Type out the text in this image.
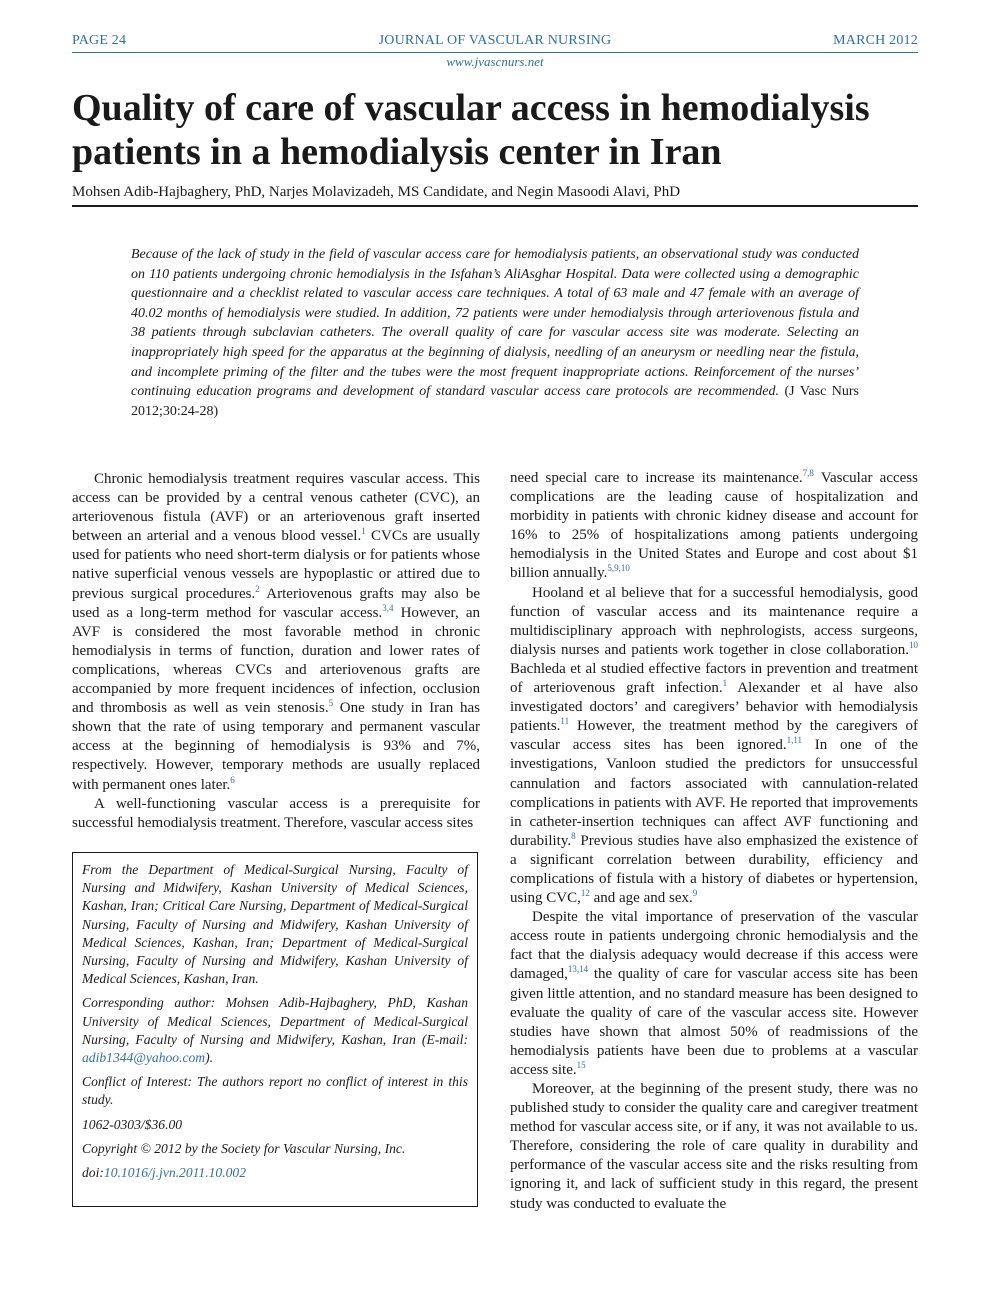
PAGE 24	JOURNAL OF VASCULAR NURSING	MARCH 2012
www.jvascnurs.net
Quality of care of vascular access in hemodialysis patients in a hemodialysis center in Iran
Mohsen Adib-Hajbaghery, PhD, Narjes Molavizadeh, MS Candidate, and Negin Masoodi Alavi, PhD

Because of the lack of study in the field of vascular access care for hemodialysis patients, an observational study was conducted on 110 patients undergoing chronic hemodialysis in the Isfahan’s AliAsghar Hospital. Data were collected using a demographic questionnaire and a checklist related to vascular access care techniques. A total of 63 male and 47 female with an average of 40.02 months of hemodialysis were studied. In addition, 72 patients were under hemodialysis through arteriovenous fistula and 38 patients through subclavian catheters. The overall quality of care for vascular access site was moderate. Selecting an inappropriately high speed for the apparatus at the beginning of dialysis, needling of an aneurysm or needling near the fistula, and incomplete priming of the filter and the tubes were the most frequent inappropriate actions. Reinforcement of the nurses’ continuing education programs and development of standard vascular access care protocols are recommended. (J Vasc Nurs 2012;30:24-28)

Chronic hemodialysis treatment requires vascular access. This access can be provided by a central venous catheter (CVC), an arteriovenous fistula (AVF) or an arteriovenous graft inserted between an arterial and a venous blood vessel.$^1$ CVCs are usually used for patients who need short-term dialysis or for patients whose native superficial venous vessels are hypoplastic or attired due to previous surgical procedures.$^2$ Arteriovenous grafts may also be used as a long-term method for vascular access.$^{3,4}$ However, an AVF is considered the most favorable method in chronic hemodialysis in terms of function, duration and lower rates of complications, whereas CVCs and arteriovenous grafts are accompanied by more frequent incidences of infection, occlusion and thrombosis as well as vein stenosis.$^5$ One study in Iran has shown that the rate of using temporary and permanent vascular access at the beginning of hemodialysis is 93% and 7%, respectively. However, temporary methods are usually replaced with permanent ones later.$^6$

A well-functioning vascular access is a prerequisite for successful hemodialysis treatment. Therefore, vascular access sites

From the Department of Medical-Surgical Nursing, Faculty of Nursing and Midwifery, Kashan University of Medical Sciences, Kashan, Iran; Critical Care Nursing, Department of Medical-Surgical Nursing, Faculty of Nursing and Midwifery, Kashan University of Medical Sciences, Kashan, Iran; Department of Medical-Surgical Nursing, Faculty of Nursing and Midwifery, Kashan University of Medical Sciences, Kashan, Iran.

Corresponding author: Mohsen Adib-Hajbaghery, PhD, Kashan University of Medical Sciences, Department of Medical-Surgical Nursing, Faculty of Nursing and Midwifery, Kashan, Iran (E-mail: adib1344@yahoo.com).

Conflict of Interest: The authors report no conflict of interest in this study.

1062-0303/$36.00

Copyright © 2012 by the Society for Vascular Nursing, Inc.

doi:10.1016/j.jvn.2011.10.002

need special care to increase its maintenance.$^{7,8}$ Vascular access complications are the leading cause of hospitalization and morbidity in patients with chronic kidney disease and account for 16% to 25% of hospitalizations among patients undergoing hemodialysis in the United States and Europe and cost about $1 billion annually.$^{5,9,10}$

Hooland et al believe that for a successful hemodialysis, good function of vascular access and its maintenance require a multidisciplinary approach with nephrologists, access surgeons, dialysis nurses and patients work together in close collaboration.$^{10}$ Bachleda et al studied effective factors in prevention and treatment of arteriovenous graft infection.$^1$ Alexander et al have also investigated doctors’ and caregivers’ behavior with hemodialysis patients.$^{11}$ However, the treatment method by the caregivers of vascular access sites has been ignored.$^{1,11}$ In one of the investigations, Vanloon studied the predictors for unsuccessful cannulation and factors associated with cannulation-related complications in patients with AVF. He reported that improvements in catheter-insertion techniques can affect AVF functioning and durability.$^8$ Previous studies have also emphasized the existence of a significant correlation between durability, efficiency and complications of fistula with a history of diabetes or hypertension, using CVC,$^{12}$ and age and sex.$^9$

Despite the vital importance of preservation of the vascular access route in patients undergoing chronic hemodialysis and the fact that the dialysis adequacy would decrease if this access were damaged,$^{13,14}$ the quality of care for vascular access site has been given little attention, and no standard measure has been designed to evaluate the quality of care of the vascular access site. However studies have shown that almost 50% of readmissions of the hemodialysis patients have been due to problems at a vascular access site.$^{15}$

Moreover, at the beginning of the present study, there was no published study to consider the quality care and caregiver treatment method for vascular access site, or if any, it was not available to us. Therefore, considering the role of care quality in durability and performance of the vascular access site and the risks resulting from ignoring it, and lack of sufficient study in this regard, the present study was conducted to evaluate the
